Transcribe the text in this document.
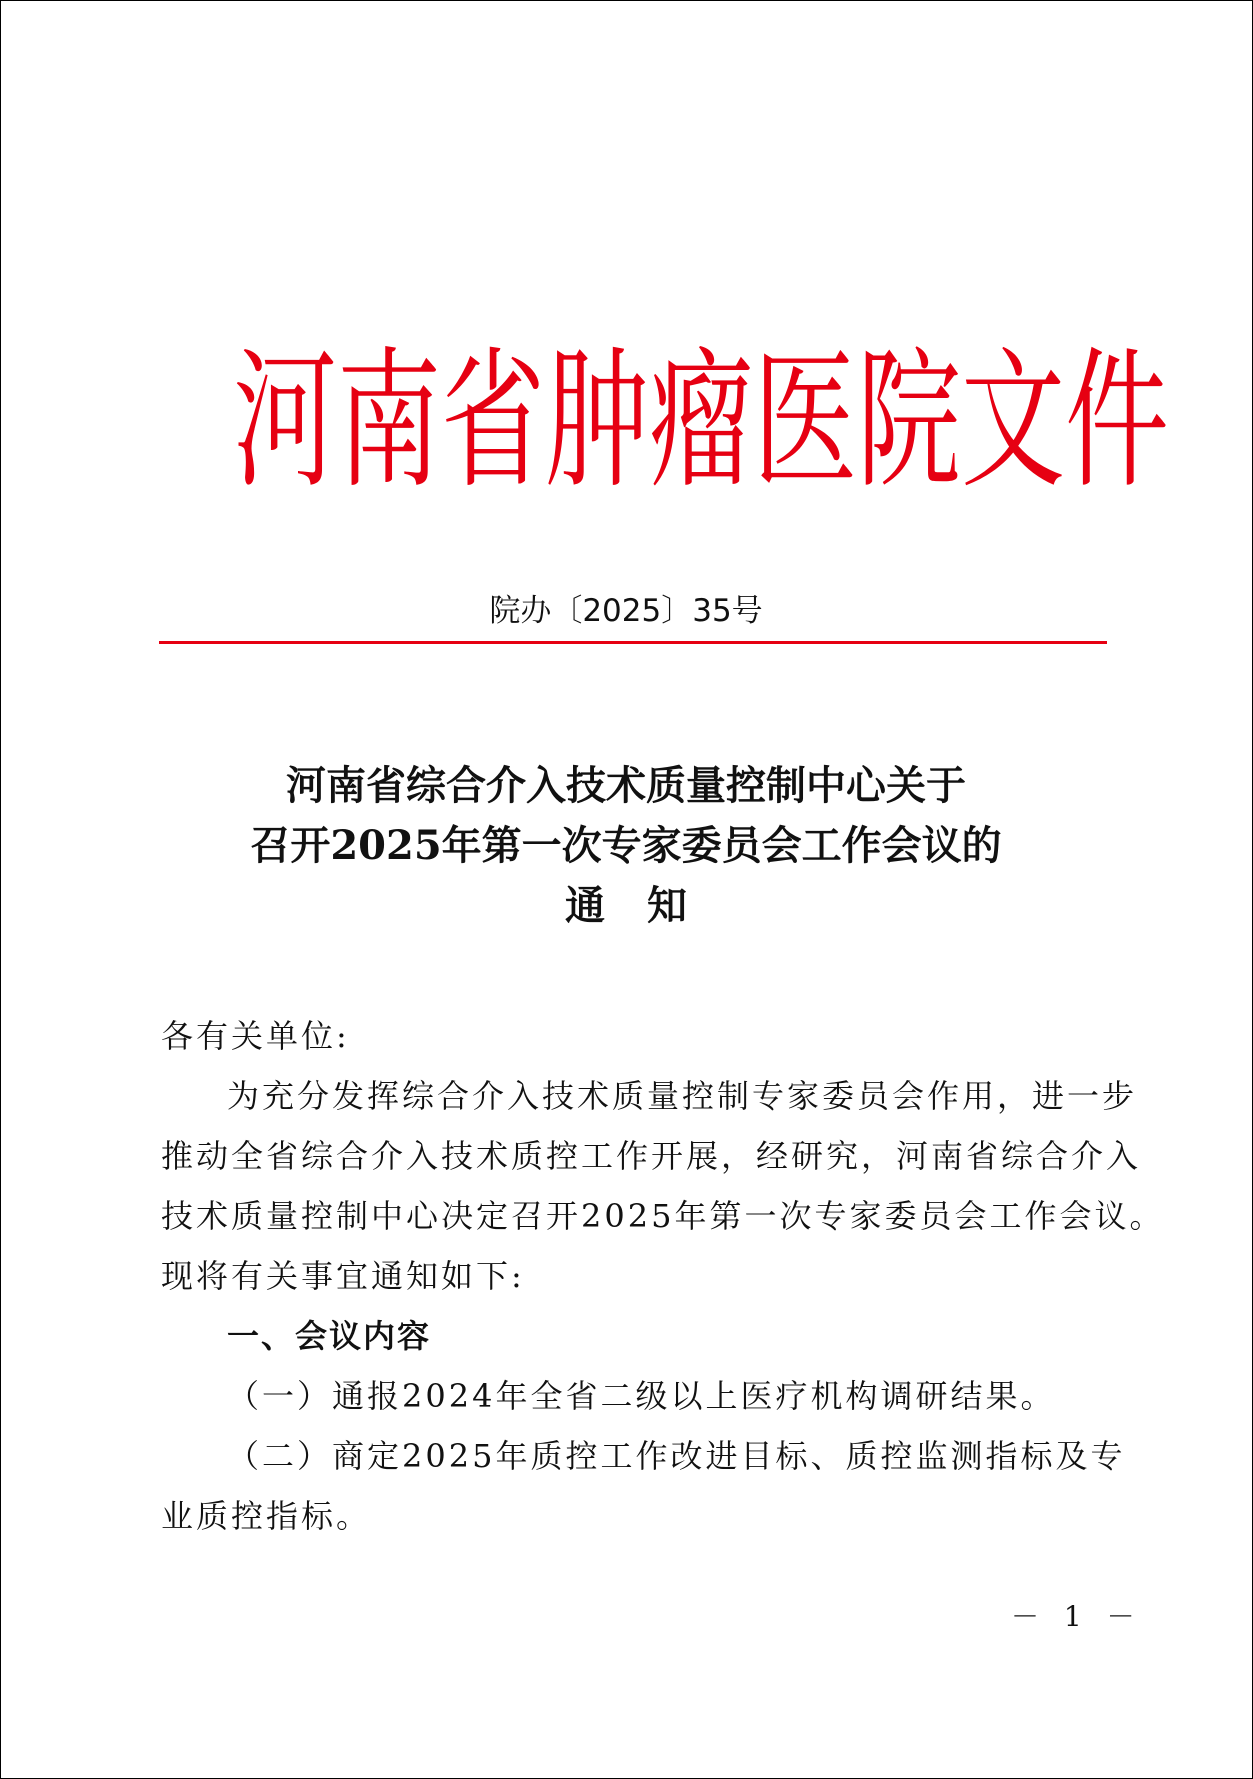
河南省肿瘤医院文件
院办〔2025〕35号
河南省综合介入技术质量控制中心关于
召开2025年第一次专家委员会工作会议的
通知

各有关单位:

为充分发挥综合介入技术质量控制专家委员会作用，进一步

推动全省综合介入技术质控工作开展，经研究，河南省综合介入

技术质量控制中心决定召开2025年第一次专家委员会工作会议。

现将有关事宜通知如下:

一、会议内容

（一）通报2024年全省二级以上医疗机构调研结果。

（二）商定2025年质控工作改进目标、质控监测指标及专

业质控指标。

－ 1 －
